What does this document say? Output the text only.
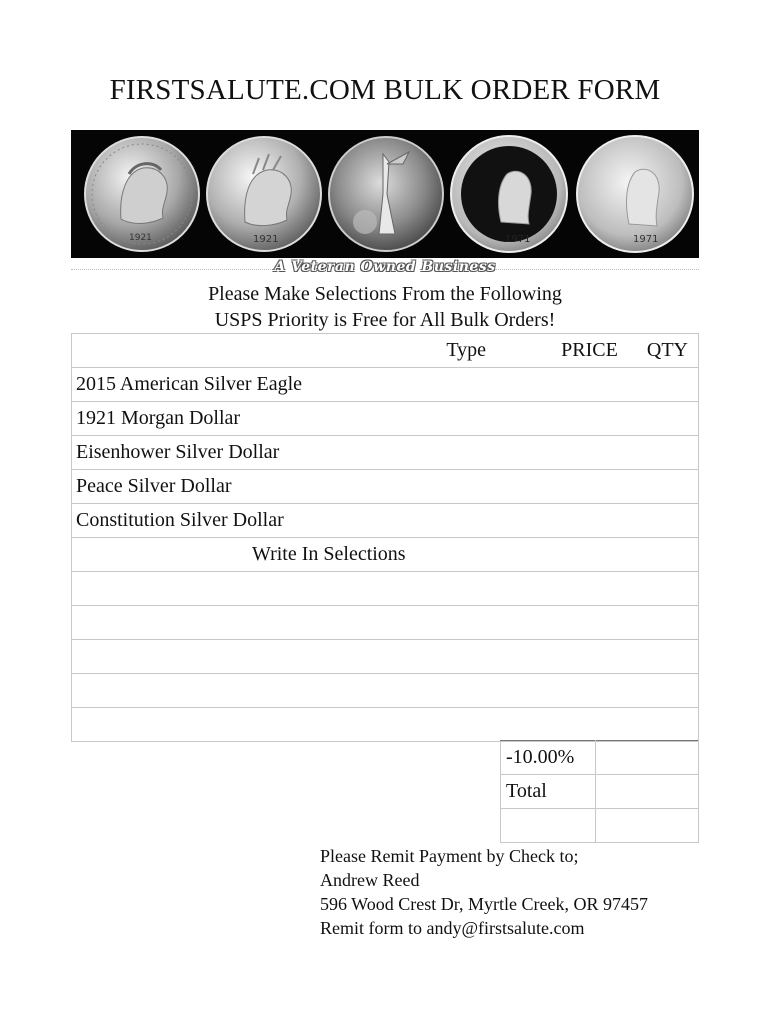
FIRSTSALUTE.COM BULK ORDER FORM
1921	1921	1971	1971
A Veteran Owned Business
Please Make Selections From the Following
USPS Priority is Free for All Bulk Orders!
Type	PRICE	QTY
2015 American Silver Eagle
1921 Morgan Dollar
Eisenhower Silver Dollar
Peace Silver Dollar
Constitution Silver Dollar
Write In Selections

-10.00%	
Total	

Please Remit Payment by Check to;
Andrew Reed
596 Wood Crest Dr, Myrtle Creek, OR 97457
Remit form to andy@firstsalute.com
